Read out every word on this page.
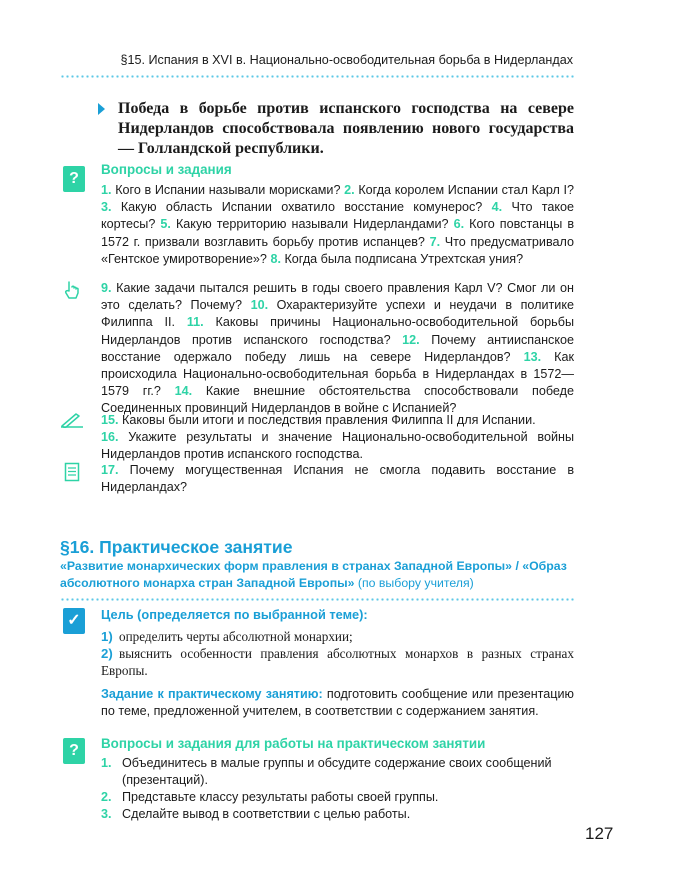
§15. Испания в XVI в. Национально-освободительная борьба в Нидерландах
Победа в борьбе против испанского господства на севере Нидерландов способствовала появлению нового государства — Голландской республики.
?
Вопросы и задания
1. Кого в Испании называли морисками? 2. Когда королем Испании стал Карл I? 3. Какую область Испании охватило восстание комунерос? 4. Что такое кортесы? 5. Какую территорию называли Нидерландами? 6. Кого повстанцы в 1572 г. призвали возглавить борьбу против испанцев? 7. Что предусматривало «Гентское умиротворение»? 8. Когда была подписана Утрехтская уния?
9. Какие задачи пытался решить в годы своего правления Карл V? Смог ли он это сделать? Почему? 10. Охарактеризуйте успехи и неудачи в политике Филиппа II. 11. Каковы причины Национально-освободительной борьбы Нидерландов против испанского господства? 12. Почему антииспанское восстание одержало победу лишь на севере Нидерландов? 13. Как происходила Национально-освободительная борьба в Нидерландах в 1572—1579 гг.? 14. Какие внешние обстоятельства способствовали победе Соединенных провинций Нидерландов в войне с Испанией?
15. Каковы были итоги и последствия правления Филиппа II для Испании.
16. Укажите результаты и значение Национально-освободительной войны Нидерландов против испанского господства.
17. Почему могущественная Испания не смогла подавить восстание в Нидерландах?
§16. Практическое занятие
«Развитие монархических форм правления в странах Западной Европы» / «Образ абсолютного монарха стран Западной Европы» (по выбору учителя)
✓	Цель (определяется по выбранной теме):
1) определить черты абсолютной монархии;
2) выяснить особенности правления абсолютных монархов в разных странах Европы.
Задание к практическому занятию: подготовить сообщение или презентацию по теме, предложенной учителем, в соответствии с содержанием занятия.
?	Вопросы и задания для работы на практическом занятии
1. Объединитесь в малые группы и обсудите содержание своих сообщений (презентаций).
2. Представьте классу результаты работы своей группы.
3. Сделайте вывод в соответствии с целью работы.
127
